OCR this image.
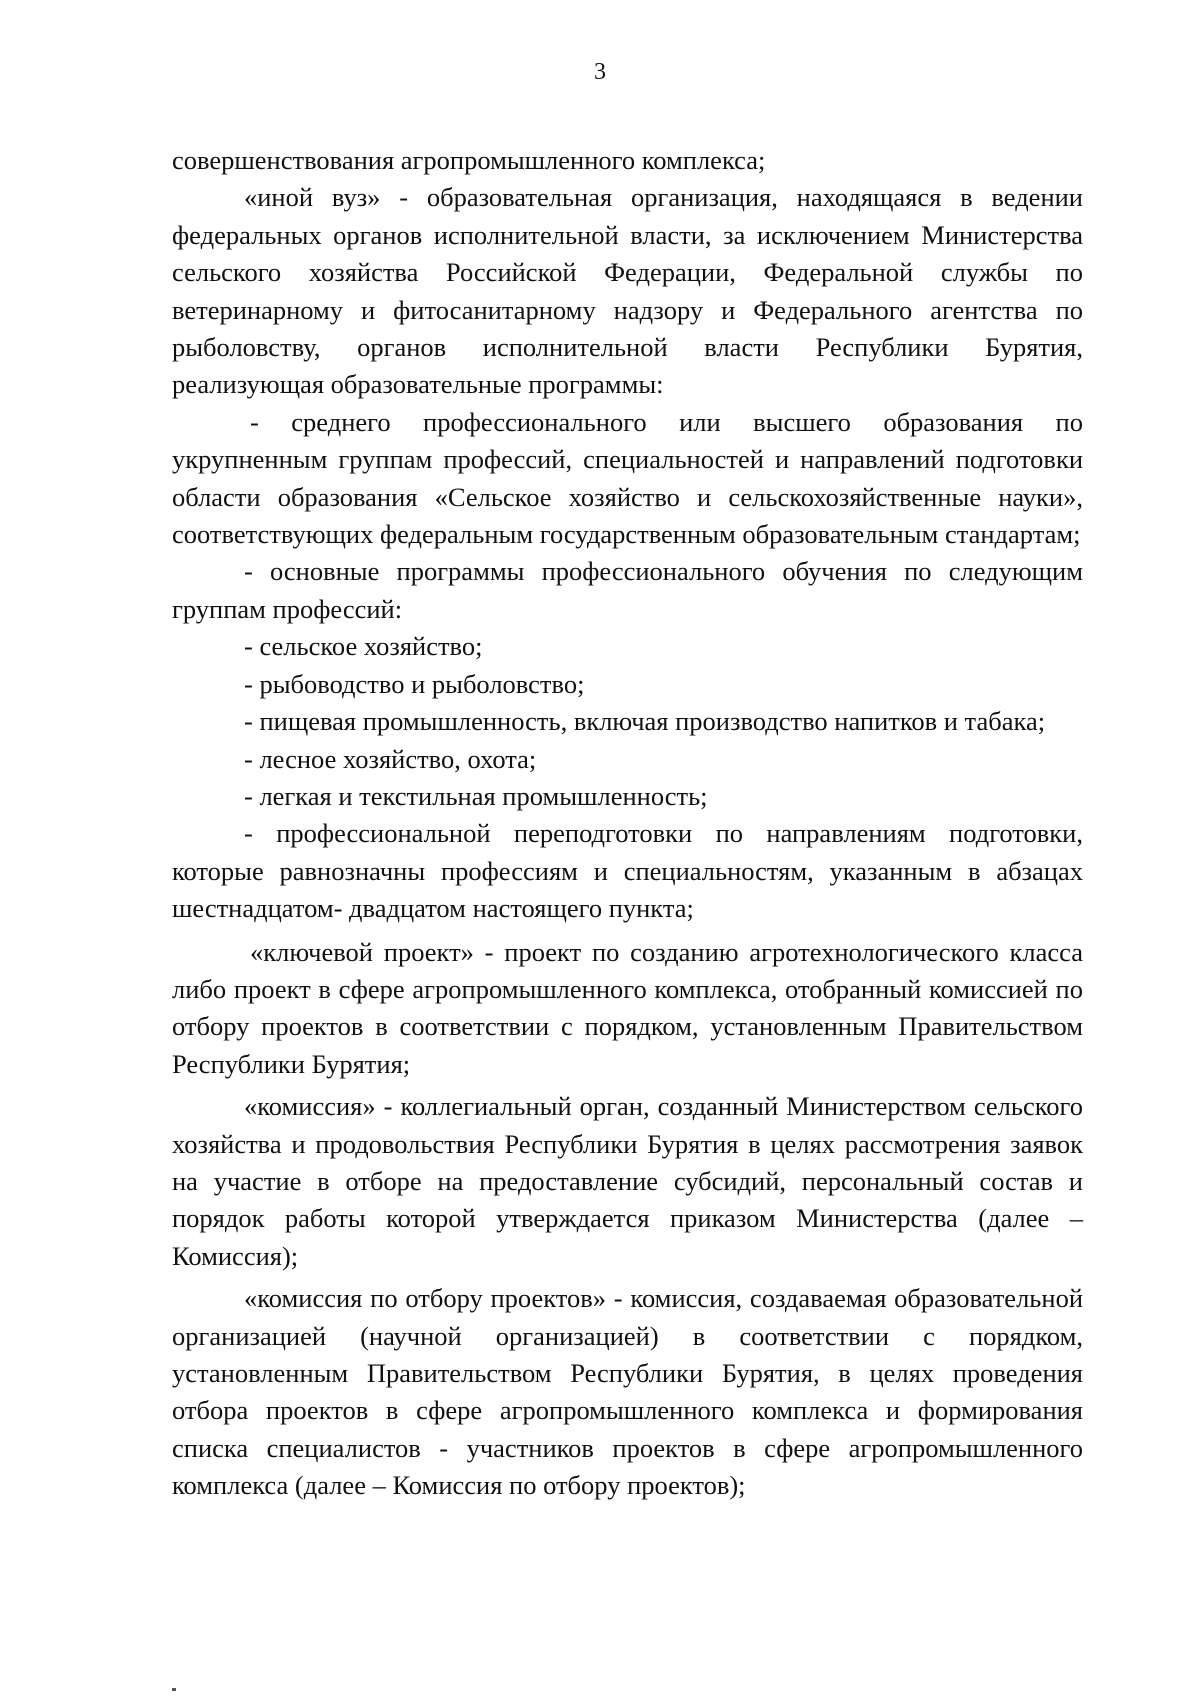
3

совершенствования агропромышленного комплекса;

«иной вуз» - образовательная организация, находящаяся в ведении федеральных органов исполнительной власти, за исключением Министерства сельского хозяйства Российской Федерации, Федеральной службы по ветеринарному и фитосанитарному надзору и Федерального агентства по рыболовству, органов исполнительной власти Республики Бурятия, реализующая образовательные программы:

- среднего профессионального или высшего образования по укрупненным группам профессий, специальностей и направлений подготовки области образования «Сельское хозяйство и сельскохозяйственные науки», соответствующих федеральным государственным образовательным стандартам;

- основные программы профессионального обучения по следующим группам профессий:

- сельское хозяйство;

- рыбоводство и рыболовство;

- пищевая промышленность, включая производство напитков и табака;

- лесное хозяйство, охота;

- легкая и текстильная промышленность;

- профессиональной переподготовки по направлениям подготовки, которые равнозначны профессиям и специальностям, указанным в абзацах шестнадцатом- двадцатом настоящего пункта;

«ключевой проект» - проект по созданию агротехнологического класса либо проект в сфере агропромышленного комплекса, отобранный комиссией по отбору проектов в соответствии с порядком, установленным Правительством Республики Бурятия;

«комиссия» - коллегиальный орган, созданный Министерством сельского хозяйства и продовольствия Республики Бурятия в целях рассмотрения заявок на участие в отборе на предоставление субсидий, персональный состав и порядок работы которой утверждается приказом Министерства (далее – Комиссия);

«комиссия по отбору проектов» - комиссия, создаваемая образовательной организацией (научной организацией) в соответствии с порядком, установленным Правительством Республики Бурятия, в целях проведения отбора проектов в сфере агропромышленного комплекса и формирования списка специалистов - участников проектов в сфере агропромышленного комплекса (далее – Комиссия по отбору проектов);
